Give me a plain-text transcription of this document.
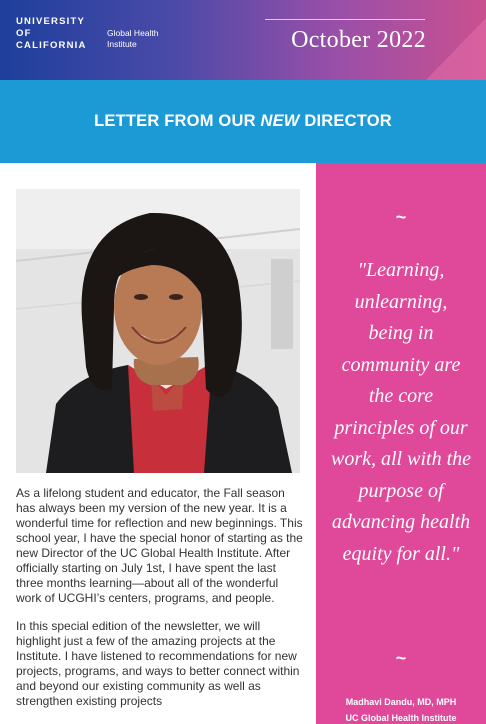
UNIVERSITY
OF
CALIFORNIA
Global Health
Institute	October 2022
LETTER FROM OUR NEW DIRECTOR

As a lifelong student and educator, the Fall season has always been my version of the new year. It is a wonderful time for reflection and new beginnings. This school year, I have the special honor of starting as the new Director of the UC Global Health Institute. After officially starting on July 1st, I have spent the last three months learning—about all of the wonderful work of UCGHI’s centers, programs, and people.

In this special edition of the newsletter, we will highlight just a few of the amazing projects at the Institute. I have listened to recommendations for new projects, programs, and ways to better connect within and beyond our existing community as well as strengthen existing projects

~
"Learning, unlearning, being in community are the core principles of our work, all with the purpose of advancing health equity for all."
~
Madhavi Dandu, MD, MPH
UC Global Health Institute
